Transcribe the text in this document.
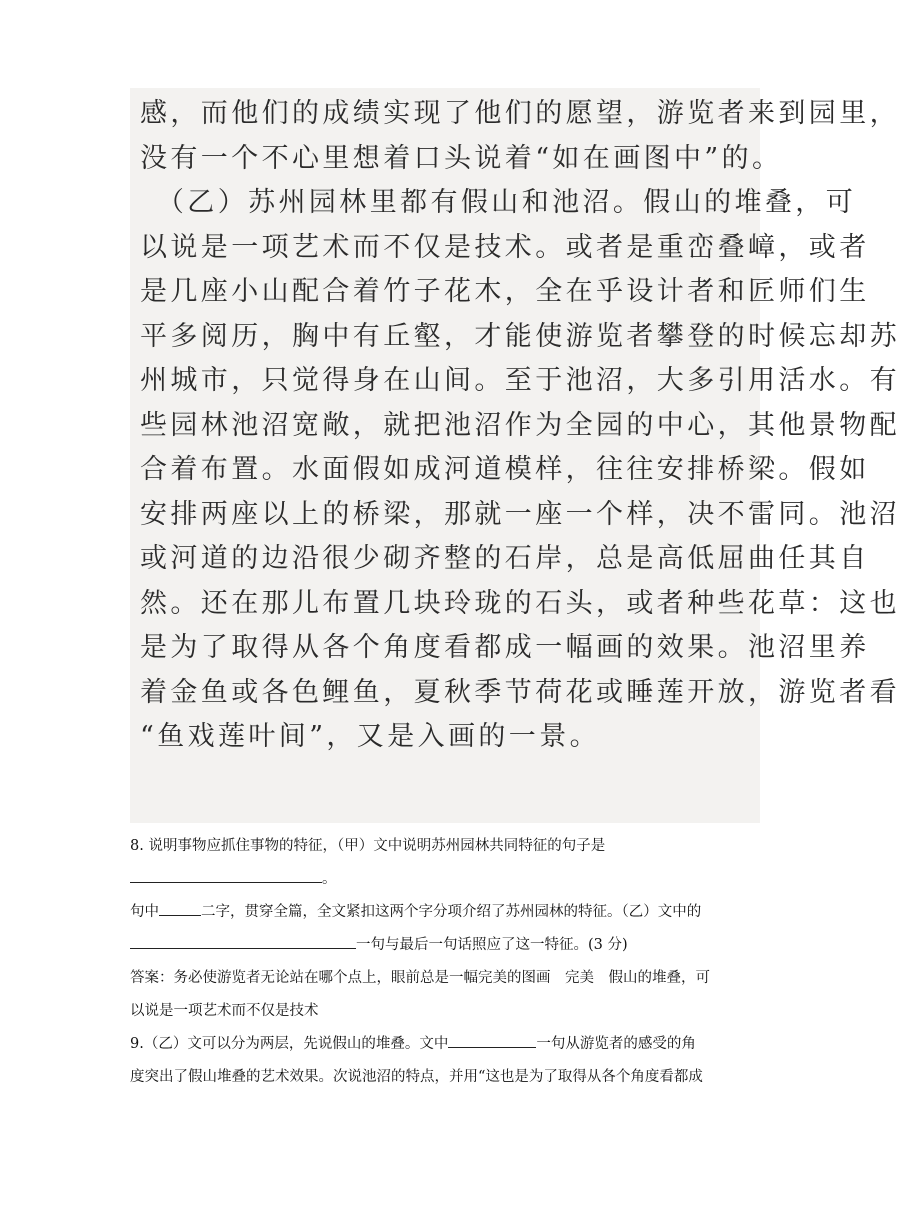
感，而他们的成绩实现了他们的愿望，游览者来到园里，
没有一个不心里想着口头说着“如在画图中”的。
　（乙）苏州园林里都有假山和池沼。假山的堆叠，可
以说是一项艺术而不仅是技术。或者是重峦叠嶂，或者
是几座小山配合着竹子花木，全在乎设计者和匠师们生
平多阅历，胸中有丘壑，才能使游览者攀登的时候忘却苏
州城市，只觉得身在山间。至于池沼，大多引用活水。有
些园林池沼宽敞，就把池沼作为全园的中心，其他景物配
合着布置。水面假如成河道模样，往往安排桥梁。假如
安排两座以上的桥梁，那就一座一个样，决不雷同。池沼
或河道的边沿很少砌齐整的石岸，总是高低屈曲任其自
然。还在那儿布置几块玲珑的石头，或者种些花草：这也
是为了取得从各个角度看都成一幅画的效果。池沼里养
着金鱼或各色鲤鱼，夏秋季节荷花或睡莲开放，游览者看
“鱼戏莲叶间”，又是入画的一景。
8. 说明事物应抓住事物的特征，（甲）文中说明苏州园林共同特征的句子是
。
句中	二字，贯穿全篇，全文紧扣这两个字分项介绍了苏州园林的特征。（乙）文中的
一句与最后一句话照应了这一特征。(3 分)
答案：务必使游览者无论站在哪个点上，眼前总是一幅完美的图画　完美　假山的堆叠，可
以说是一项艺术而不仅是技术
9.（乙）文可以分为两层，先说假山的堆叠。文中	一句从游览者的感受的角
度突出了假山堆叠的艺术效果。次说池沼的特点，并用“这也是为了取得从各个角度看都成
